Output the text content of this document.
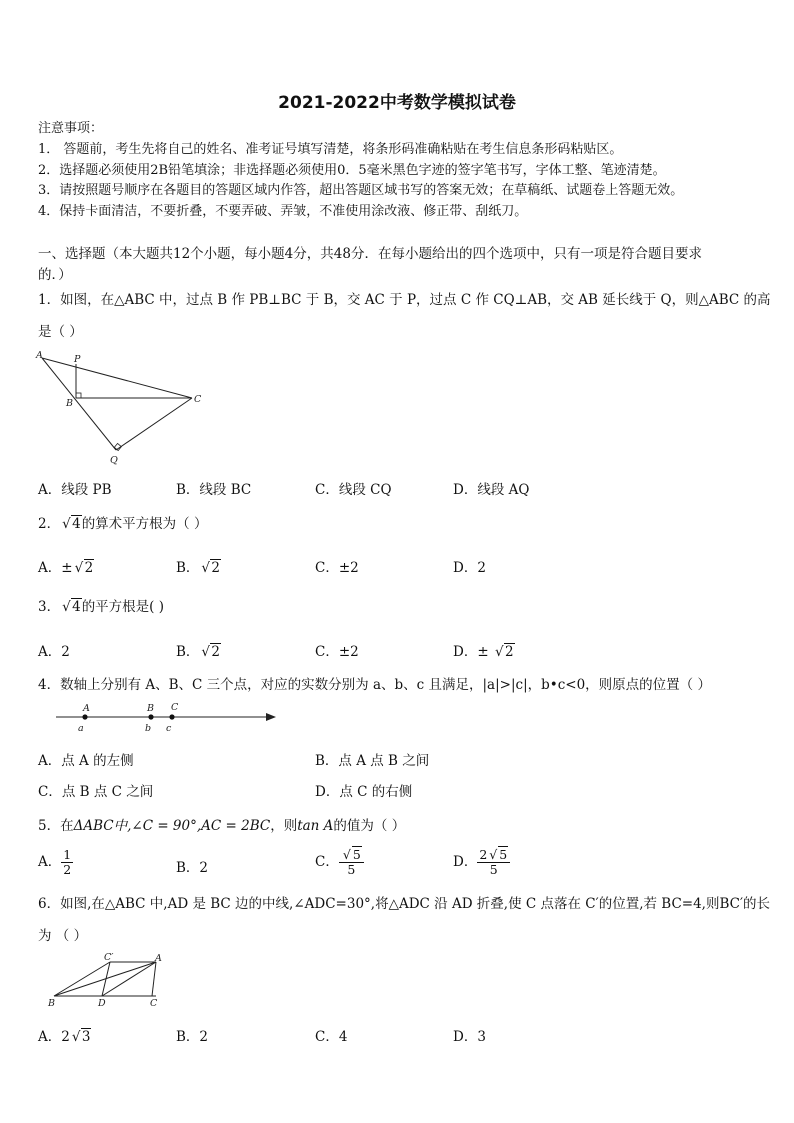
2021-2022中考数学模拟试卷
注意事项：
1． 答题前，考生先将自己的姓名、准考证号填写清楚，将条形码准确粘贴在考生信息条形码粘贴区。
2．选择题必须使用2B铅笔填涂；非选择题必须使用0．5毫米黑色字迹的签字笔书写，字体工整、笔迹清楚。
3．请按照题号顺序在各题目的答题区域内作答，超出答题区域书写的答案无效；在草稿纸、试题卷上答题无效。
4．保持卡面清洁，不要折叠，不要弄破、弄皱，不准使用涂改液、修正带、刮纸刀。
一、选择题（本大题共12个小题，每小题4分，共48分．在每小题给出的四个选项中，只有一项是符合题目要求
的．）
1．如图，在△ABC 中，过点 B 作 PB⊥BC 于 B，交 AC 于 P，过点 C 作 CQ⊥AB，交 AB 延长线于 Q，则△ABC 的高
是（ ）
A	P
B	C
Q
A．线段 PB	B．线段 BC	C．线段 CQ	D．线段 AQ
2． √ 4的算术平方根为（ ）
A．± √ 2	B． √ 2	C．±2	D．2
3． √ 4的平方根是( )
A．2	B． √ 2	C．±2	D．± √ 2
4．数轴上分别有 A、B、C 三个点，对应的实数分别为 a、b、c 且满足，|a|>|c|，b•c<0，则原点的位置（ ）
A	B C
a	b c
A．点 A 的左侧	B．点 A 点 B 之间
C．点 B 点 C 之间	D．点 C 的右侧
5．在ΔABC中,∠C = 90°,AC = 2BC，则tan A的值为（ ）
A． $\frac{1}{2}$	B．2	C． $\frac{√ 5}{5}$	D． $\frac{2 √ 5}{5}$
6．如图,在△ABC 中,AD 是 BC 边的中线,∠ADC=30°,将△ADC 沿 AD 折叠,使 C 点落在 C′的位置,若 BC=4,则BC′的长
为 （ ）
C′	A
B	D	C
A．2 √ 3	B．2	C．4	D．3
